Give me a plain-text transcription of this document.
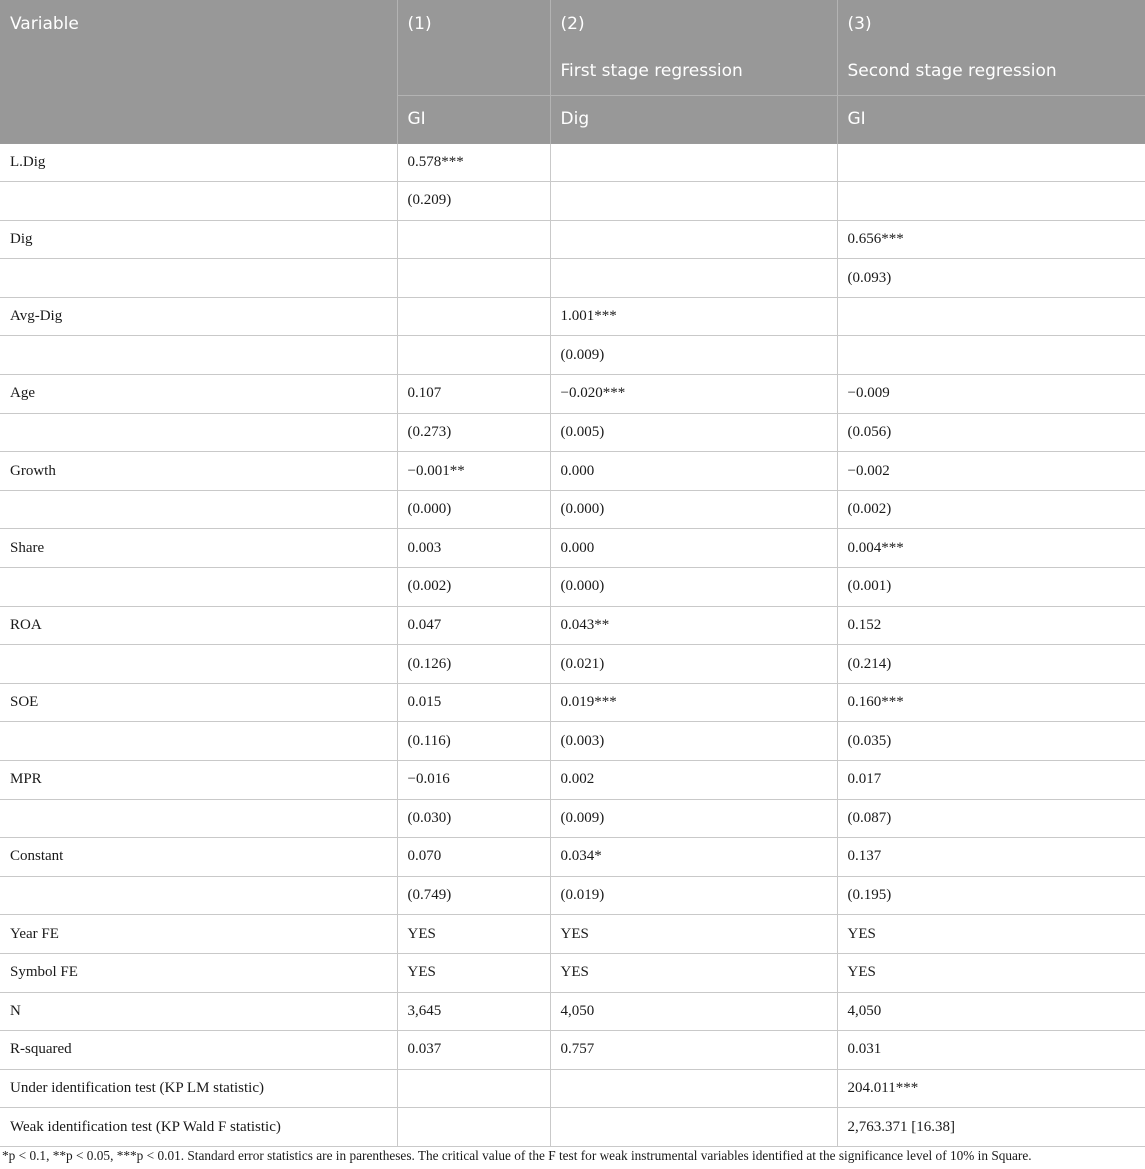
Variable	(1)	(2)	(3)
		First stage regression	Second stage regression
	GI	Dig	GI
L.Dig	0.578***		
	(0.209)		
Dig			0.656***
			(0.093)
Avg-Dig		1.001***	
		(0.009)	
Age	0.107	−0.020***	−0.009
	(0.273)	(0.005)	(0.056)
Growth	−0.001**	0.000	−0.002
	(0.000)	(0.000)	(0.002)
Share	0.003	0.000	0.004***
	(0.002)	(0.000)	(0.001)
ROA	0.047	0.043**	0.152
	(0.126)	(0.021)	(0.214)
SOE	0.015	0.019***	0.160***
	(0.116)	(0.003)	(0.035)
MPR	−0.016	0.002	0.017
	(0.030)	(0.009)	(0.087)
Constant	0.070	0.034*	0.137
	(0.749)	(0.019)	(0.195)
Year FE	YES	YES	YES
Symbol FE	YES	YES	YES
N	3,645	4,050	4,050
R-squared	0.037	0.757	0.031
Under identification test (KP LM statistic)			204.011***
Weak identification test (KP Wald F statistic)			2,763.371 [16.38]
*p < 0.1, **p < 0.05, ***p < 0.01. Standard error statistics are in parentheses. The critical value of the F test for weak instrumental variables identified at the significance level of 10% in Square.
